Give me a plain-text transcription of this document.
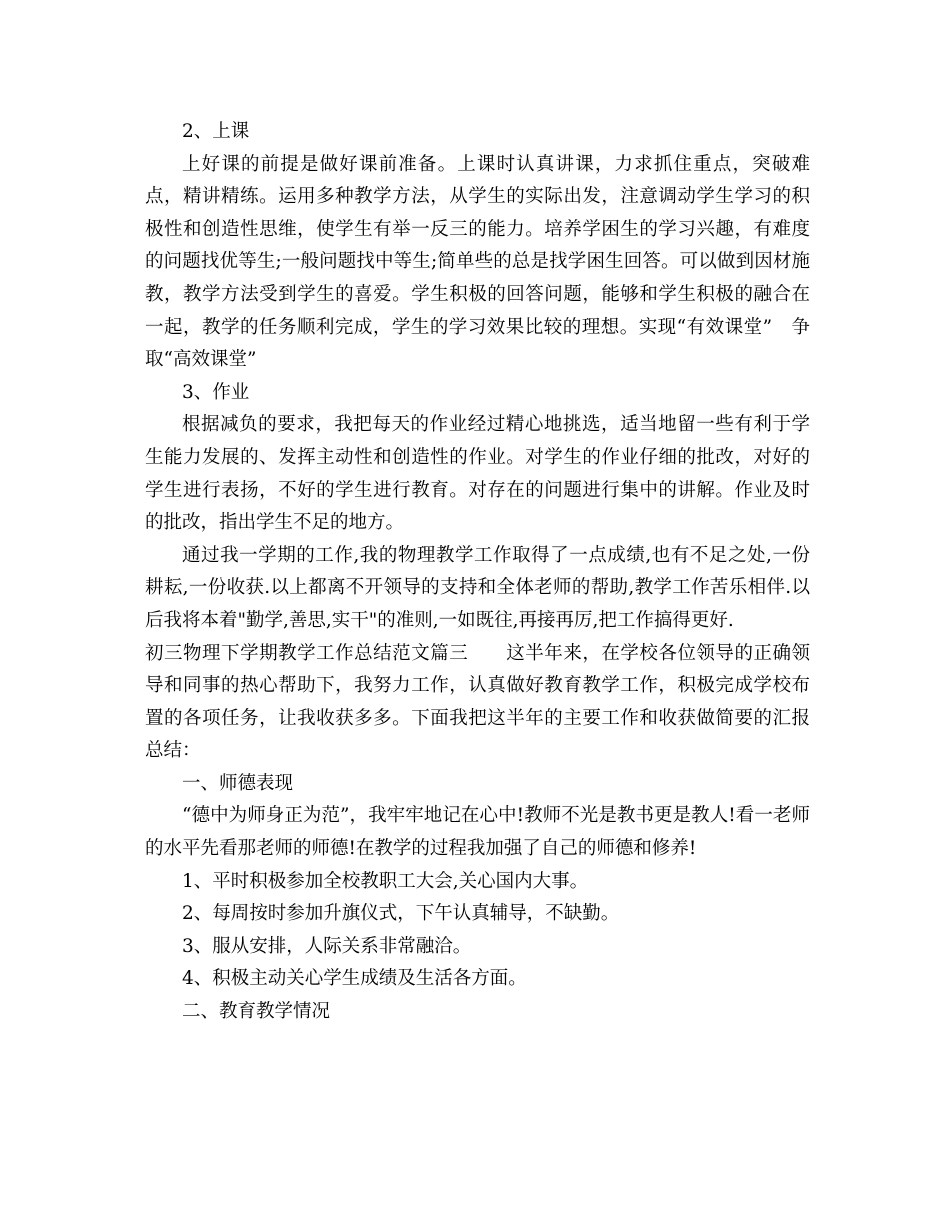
2、上课

上好课的前提是做好课前准备。上课时认真讲课，力求抓住重点，突破难点，精讲精练。运用多种教学方法，从学生的实际出发，注意调动学生学习的积极性和创造性思维，使学生有举一反三的能力。培养学困生的学习兴趣，有难度的问题找优等生;一般问题找中等生;简单些的总是找学困生回答。可以做到因材施教，教学方法受到学生的喜爱。学生积极的回答问题，能够和学生积极的融合在一起，教学的任务顺利完成，学生的学习效果比较的理想。实现“有效课堂”　争取“高效课堂”

3、作业

根据减负的要求，我把每天的作业经过精心地挑选，适当地留一些有利于学生能力发展的、发挥主动性和创造性的作业。对学生的作业仔细的批改，对好的学生进行表扬，不好的学生进行教育。对存在的问题进行集中的讲解。作业及时的批改，指出学生不足的地方。

通过我一学期的工作,我的物理教学工作取得了一点成绩,也有不足之处,一份耕耘,一份收获.以上都离不开领导的支持和全体老师的帮助,教学工作苦乐相伴.以后我将本着"勤学,善思,实干"的准则,一如既往,再接再厉,把工作搞得更好.

初三物理下学期教学工作总结范文篇三　　这半年来，在学校各位领导的正确领导和同事的热心帮助下，我努力工作，认真做好教育教学工作，积极完成学校布置的各项任务，让我收获多多。下面我把这半年的主要工作和收获做简要的汇报总结：

一、师德表现

“德中为师身正为范”，我牢牢地记在心中!教师不光是教书更是教人!看一老师的水平先看那老师的师德!在教学的过程我加强了自己的师德和修养!

1、平时积极参加全校教职工大会,关心国内大事。

2、每周按时参加升旗仪式，下午认真辅导，不缺勤。

3、服从安排，人际关系非常融洽。

4、积极主动关心学生成绩及生活各方面。

二、教育教学情况
